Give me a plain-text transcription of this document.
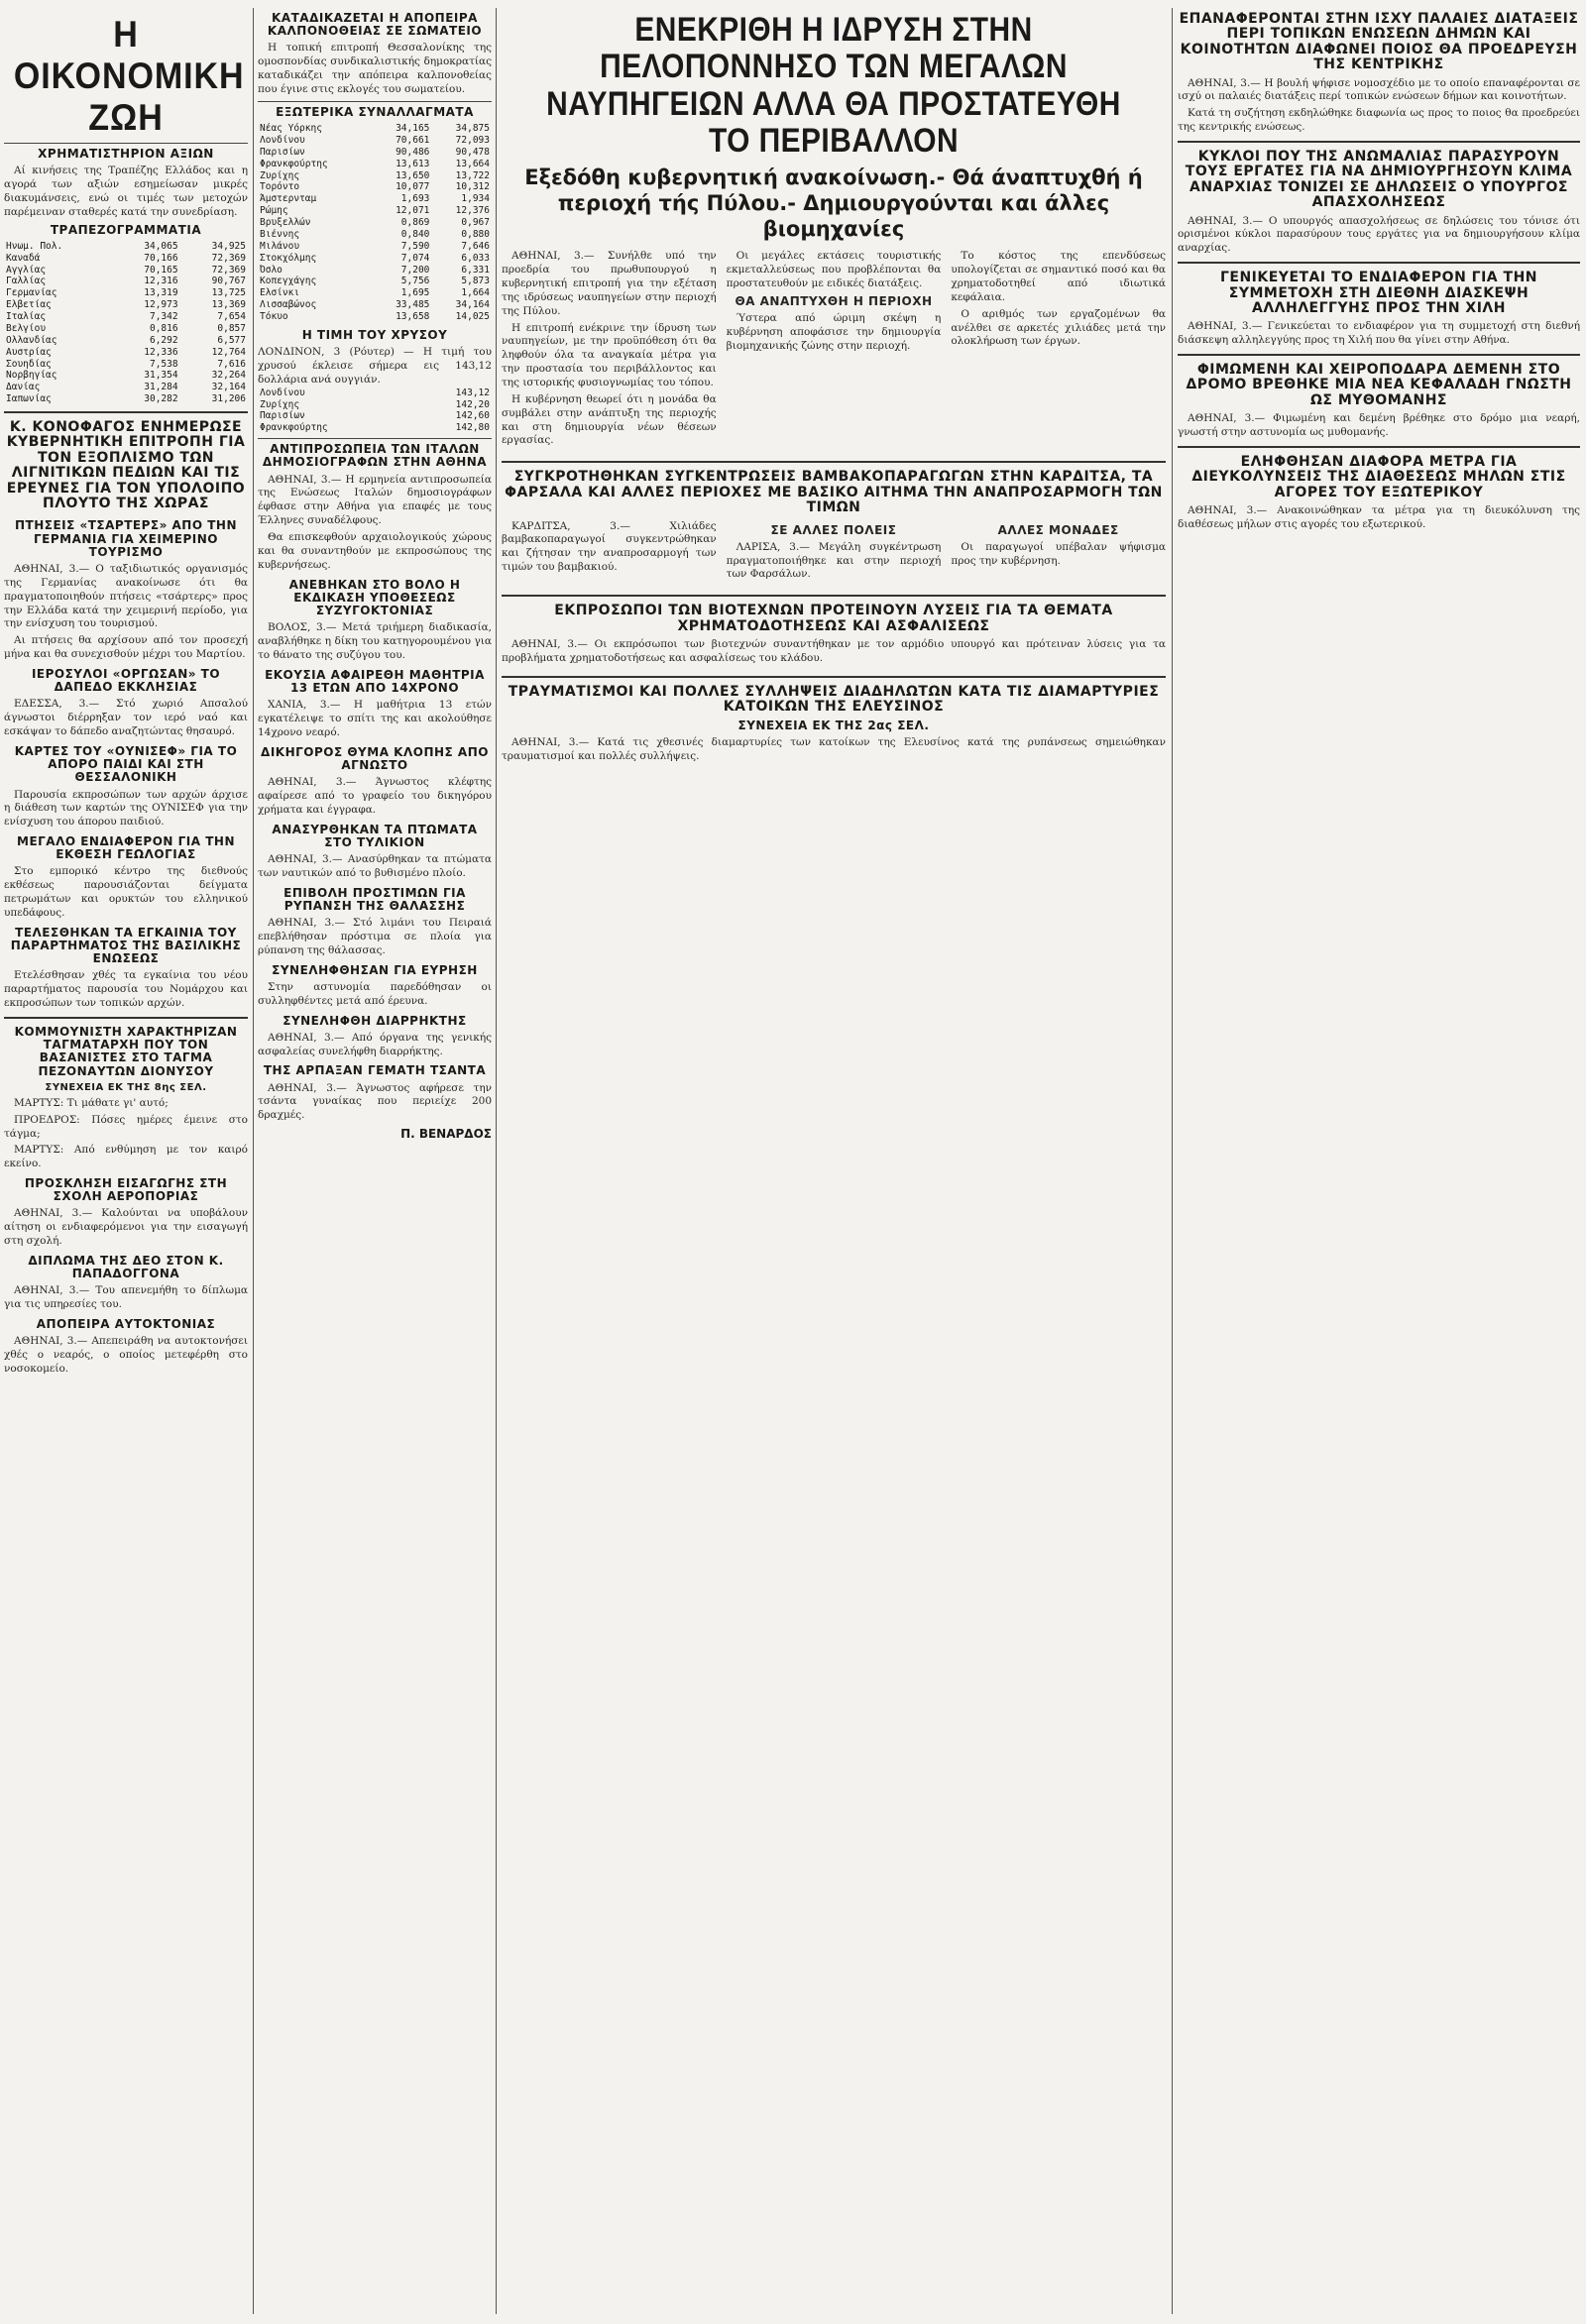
Η ΟΙΚΟΝΟΜΙΚΗ ΖΩΗ
ΧΡΗΜΑΤΙΣΤΗΡΙΟΝ ΑΞΙΩΝ

Αί κινήσεις της Τραπέζης Ελλάδος και η αγορά των αξιών εσημείωσαν μικρές διακυμάνσεις, ενώ οι τιμές των μετοχών παρέμειναν σταθερές κατά την συνεδρίαση.

ΤΡΑΠΕΖΟΓΡΑΜΜΑΤΙΑ
Ηνωμ. Πολ.	34,065	34,925
Καναδά	70,166	72,369
Αγγλίας	70,165	72,369
Γαλλίας	12,316	90,767
Γερμανίας	13,319	13,725
Ελβετίας	12,973	13,369
Ιταλίας	7,342	7,654
Βελγίου	0,816	0,857
Ολλανδίας	6,292	6,577
Αυστρίας	12,336	12,764
Σουηδίας	7,538	7,616
Νορβηγίας	31,354	32,264
Δανίας	31,284	32,164
Ιαπωνίας	30,282	31,206
Κ. ΚΟΝΟΦΑΓΟΣ ΕΝΗΜΕΡΩΣΕ ΚΥΒΕΡΝΗΤΙΚΗ ΕΠΙΤΡΟΠΗ ΓΙΑ ΤΟΝ ΕΞΟΠΛΙΣΜΟ ΤΩΝ ΛΙΓΝΙΤΙΚΩΝ ΠΕΔΙΩΝ ΚΑΙ ΤΙΣ ΕΡΕΥΝΕΣ ΓΙΑ ΤΟΝ ΥΠΟΛΟΙΠΟ ΠΛΟΥΤΟ ΤΗΣ ΧΩΡΑΣ
ΠΤΗΣΕΙΣ «ΤΣΑΡΤΕΡΣ» ΑΠΟ ΤΗΝ ΓΕΡΜΑΝΙΑ ΓΙΑ ΧΕΙΜΕΡΙΝΟ ΤΟΥΡΙΣΜΟ

ΑΘΗΝΑΙ, 3.— Ο ταξιδιωτικός οργανισμός της Γερμανίας ανακοίνωσε ότι θα πραγματοποιηθούν πτήσεις «τσάρτερς» προς την Ελλάδα κατά την χειμερινή περίοδο, για την ενίσχυση του τουρισμού.

Αι πτήσεις θα αρχίσουν από τον προσεχή μήνα και θα συνεχισθούν μέχρι του Μαρτίου.

ΙΕΡΟΣΥΛΟΙ «ΟΡΓΩΣΑΝ» ΤΟ ΔΑΠΕΔΟ ΕΚΚΛΗΣΙΑΣ

ΕΔΕΣΣΑ, 3.— Στό χωριό Απσαλού άγνωστοι διέρρηξαν τον ιερό ναό και εσκάψαν το δάπεδο αναζητώντας θησαυρό.

ΚΑΡΤΕΣ ΤΟΥ «ΟΥΝΙΣΕΦ» ΓΙΑ ΤΟ ΑΠΟΡΟ ΠΑΙΔΙ ΚΑΙ ΣΤΗ ΘΕΣΣΑΛΟΝΙΚΗ

Παρουσία εκπροσώπων των αρχών άρχισε η διάθεση των καρτών της ΟΥΝΙΣΕΦ για την ενίσχυση του άπορου παιδιού.

ΜΕΓΑΛΟ ΕΝΔΙΑΦΕΡΟΝ ΓΙΑ ΤΗΝ ΕΚΘΕΣΗ ΓΕΩΛΟΓΙΑΣ

Στο εμπορικό κέντρο της διεθνούς εκθέσεως παρουσιάζονται δείγματα πετρωμάτων και ορυκτών του ελληνικού υπεδάφους.

ΤΕΛΕΣΘΗΚΑΝ ΤΑ ΕΓΚΑΙΝΙΑ ΤΟΥ ΠΑΡΑΡΤΗΜΑΤΟΣ ΤΗΣ ΒΑΣΙΛΙΚΗΣ ΕΝΩΣΕΩΣ

Ετελέσθησαν χθές τα εγκαίνια του νέου παραρτήματος παρουσία του Νομάρχου και εκπροσώπων των τοπικών αρχών.

ΚΟΜΜΟΥΝΙΣΤΗ ΧΑΡΑΚΤΗΡΙΖΑΝ ΤΑΓΜΑΤΑΡΧΗ ΠΟΥ ΤΟΝ ΒΑΣΑΝΙΣΤΕΣ ΣΤΟ ΤΑΓΜΑ ΠΕΖΟΝΑΥΤΩΝ ΔΙΟΝΥΣΟΥ
ΣΥΝΕΧΕΙΑ ΕΚ ΤΗΣ 8ης ΣΕΛ.

ΜΑΡΤΥΣ: Τι μάθατε γι' αυτό;

ΠΡΟΕΔΡΟΣ: Πόσες ημέρες έμεινε στο τάγμα;

ΜΑΡΤΥΣ: Από ενθύμηση με τον καιρό εκείνο.

ΠΡΟΣΚΛΗΣΗ ΕΙΣΑΓΩΓΗΣ ΣΤΗ ΣΧΟΛΗ ΑΕΡΟΠΟΡΙΑΣ

ΑΘΗΝΑΙ, 3.— Καλούνται να υποβάλουν αίτηση οι ενδιαφερόμενοι για την εισαγωγή στη σχολή.

ΔΙΠΛΩΜΑ ΤΗΣ ΔΕΟ ΣΤΟΝ Κ. ΠΑΠΑΔΟΓΓΟΝΑ

ΑΘΗΝΑΙ, 3.— Του απενεμήθη το δίπλωμα για τις υπηρεσίες του.

ΑΠΟΠΕΙΡΑ ΑΥΤΟΚΤΟΝΙΑΣ

ΑΘΗΝΑΙ, 3.— Απεπειράθη να αυτοκτονήσει χθές ο νεαρός, ο οποίος μετεφέρθη στο νοσοκομείο.

ΚΑΤΑΔΙΚΑΖΕΤΑΙ Η ΑΠΟΠΕΙΡΑ ΚΑΛΠΟΝΟΘΕΙΑΣ ΣΕ ΣΩΜΑΤΕΙΟ

Η τοπική επιτροπή Θεσσαλονίκης της ομοσπονδίας συνδικαλιστικής δημοκρατίας καταδικάζει την απόπειρα καλπονοθείας που έγινε στις εκλογές του σωματείου.

ΕΞΩΤΕΡΙΚΑ ΣΥΝΑΛΛΑΓΜΑΤΑ
Νέας Υόρκης	34,165	34,875
Λονδίνου	70,661	72,093
Παρισίων	90,486	90,478
Φρανκφούρτης	13,613	13,664
Ζυρίχης	13,650	13,722
Τορόντο	10,077	10,312
Άμστερνταμ	1,693	1,934
Ρώμης	12,071	12,376
Βρυξελλών	0,869	0,967
Βιέννης	0,840	0,880
Μιλάνου	7,590	7,646
Στοκχόλμης	7,074	6,033
Όσλο	7,200	6,331
Κοπεγχάγης	5,756	5,873
Ελσίνκι	1,695	1,664
Λισσαβώνος	33,485	34,164
Τόκυο	13,658	14,025
Η ΤΙΜΗ ΤΟΥ ΧΡΥΣΟΥ
ΛΟΝΔΙΝΟΝ, 3 (Ρόυτερ) — Η τιμή του χρυσού έκλεισε σήμερα εις 143,12 δολλάρια ανά ουγγιάν.
Λονδίνου	143,12
Ζυρίχης	142,20
Παρισίων	142,60
Φρανκφούρτης	142,80
ΑΝΤΙΠΡΟΣΩΠΕΙΑ ΤΩΝ ΙΤΑΛΩΝ ΔΗΜΟΣΙΟΓΡΑΦΩΝ ΣΤΗΝ ΑΘΗΝΑ

ΑΘΗΝΑΙ, 3.— Η ερμηνεία αντιπροσωπεία της Ενώσεως Ιταλών δημοσιογράφων έφθασε στην Αθήνα για επαφές με τους Έλληνες συναδέλφους.

Θα επισκεφθούν αρχαιολογικούς χώρους και θα συναντηθούν με εκπροσώπους της κυβερνήσεως.

ΑΝΕΒΗΚΑΝ ΣΤΟ ΒΟΛΟ Η ΕΚΔΙΚΑΣΗ ΥΠΟΘΕΣΕΩΣ ΣΥΖΥΓΟΚΤΟΝΙΑΣ

ΒΟΛΟΣ, 3.— Μετά τριήμερη διαδικασία, αναβλήθηκε η δίκη του κατηγορουμένου για το θάνατο της συζύγου του.

ΕΚΟΥΣΙΑ ΑΦΑΙΡΕΘΗ ΜΑΘΗΤΡΙΑ 13 ΕΤΩΝ ΑΠΟ 14ΧΡΟΝΟ

ΧΑΝΙΑ, 3.— Η μαθήτρια 13 ετών εγκατέλειψε το σπίτι της και ακολούθησε 14χρονο νεαρό.

ΔΙΚΗΓΟΡΟΣ ΘΥΜΑ ΚΛΟΠΗΣ ΑΠΟ ΑΓΝΩΣΤΟ

ΑΘΗΝΑΙ, 3.— Άγνωστος κλέφτης αφαίρεσε από το γραφείο του δικηγόρου χρήματα και έγγραφα.

ΑΝΑΣΥΡΘΗΚΑΝ ΤΑ ΠΤΩΜΑΤΑ ΣΤΟ ΤΥΛΙΚΙΟΝ

ΑΘΗΝΑΙ, 3.— Ανασύρθηκαν τα πτώματα των ναυτικών από το βυθισμένο πλοίο.

ΕΠΙΒΟΛΗ ΠΡΟΣΤΙΜΩΝ ΓΙΑ ΡΥΠΑΝΣΗ ΤΗΣ ΘΑΛΑΣΣΗΣ

ΑΘΗΝΑΙ, 3.— Στό λιμάνι του Πειραιά επεβλήθησαν πρόστιμα σε πλοία για ρύπανση της θάλασσας.

ΣΥΝΕΛΗΦΘΗΣΑΝ ΓΙΑ ΕΥΡΗΣΗ

Στην αστυνομία παρεδόθησαν οι συλληφθέντες μετά από έρευνα.

ΣΥΝΕΛΗΦΘΗ ΔΙΑΡΡΗΚΤΗΣ

ΑΘΗΝΑΙ, 3.— Από όργανα της γενικής ασφαλείας συνελήφθη διαρρήκτης.

ΤΗΣ ΑΡΠΑΞΑΝ ΓΕΜΑΤΗ ΤΣΑΝΤΑ

ΑΘΗΝΑΙ, 3.— Άγνωστος αφήρεσε την τσάντα γυναίκας που περιείχε 200 δραχμές.

Π. ΒΕΝΑΡΔΟΣ
ΕΝΕΚΡΙΘΗ Η ΙΔΡΥΣΗ ΣΤΗΝ ΠΕΛΟΠΟΝΝΗΣΟ ΤΩΝ ΜΕΓΑΛΩΝ ΝΑΥΠΗΓΕΙΩΝ ΑΛΛΑ ΘΑ ΠΡΟΣΤΑΤΕΥΘΗ ΤΟ ΠΕΡΙΒΑΛΛΟΝ
Εξεδόθη κυβερνητική ανακοίνωση.- Θά άναπτυχθή ή περιοχή τής Πύλου.- Δημιουργούνται και άλλες βιομηχανίες

ΑΘΗΝΑΙ, 3.— Συνήλθε υπό την προεδρία του πρωθυπουργού η κυβερνητική επιτροπή για την εξέταση της ιδρύσεως ναυπηγείων στην περιοχή της Πύλου.

Η επιτροπή ενέκρινε την ίδρυση των ναυπηγείων, με την προϋπόθεση ότι θα ληφθούν όλα τα αναγκαία μέτρα για την προστασία του περιβάλλοντος και της ιστορικής φυσιογνωμίας του τόπου.

Η κυβέρνηση θεωρεί ότι η μονάδα θα συμβάλει στην ανάπτυξη της περιοχής και στη δημιουργία νέων θέσεων εργασίας.

Οι μεγάλες εκτάσεις τουριστικής εκμεταλλεύσεως που προβλέπονται θα προστατευθούν με ειδικές διατάξεις.

ΘΑ ΑΝΑΠΤΥΧΘΗ Η ΠΕΡΙΟΧΗ

Ύστερα από ώριμη σκέψη η κυβέρνηση αποφάσισε την δημιουργία βιομηχανικής ζώνης στην περιοχή.

Το κόστος της επενδύσεως υπολογίζεται σε σημαντικό ποσό και θα χρηματοδοτηθεί από ιδιωτικά κεφάλαια.

Ο αριθμός των εργαζομένων θα ανέλθει σε αρκετές χιλιάδες μετά την ολοκλήρωση των έργων.

ΣΥΓΚΡΟΤΗΘΗΚΑΝ ΣΥΓΚΕΝΤΡΩΣΕΙΣ ΒΑΜΒΑΚΟΠΑΡΑΓΩΓΩΝ ΣΤΗΝ ΚΑΡΔΙΤΣΑ, ΤΑ ΦΑΡΣΑΛΑ ΚΑΙ ΑΛΛΕΣ ΠΕΡΙΟΧΕΣ ΜΕ ΒΑΣΙΚΟ ΑΙΤΗΜΑ ΤΗΝ ΑΝΑΠΡΟΣΑΡΜΟΓΗ ΤΩΝ ΤΙΜΩΝ

ΚΑΡΔΙΤΣΑ, 3.— Χιλιάδες βαμβακοπαραγωγοί συγκεντρώθηκαν και ζήτησαν την αναπροσαρμογή των τιμών του βαμβακιού.

ΣΕ ΑΛΛΕΣ ΠΟΛΕΙΣ

ΛΑΡΙΣΑ, 3.— Μεγάλη συγκέντρωση πραγματοποιήθηκε και στην περιοχή των Φαρσάλων.

ΑΛΛΕΣ ΜΟΝΑΔΕΣ

Οι παραγωγοί υπέβαλαν ψήφισμα προς την κυβέρνηση.

ΕΚΠΡΟΣΩΠΟΙ ΤΩΝ ΒΙΟΤΕΧΝΩΝ ΠΡΟΤΕΙΝΟΥΝ ΛΥΣΕΙΣ ΓΙΑ ΤΑ ΘΕΜΑΤΑ ΧΡΗΜΑΤΟΔΟΤΗΣΕΩΣ ΚΑΙ ΑΣΦΑΛΙΣΕΩΣ

ΑΘΗΝΑΙ, 3.— Οι εκπρόσωποι των βιοτεχνών συναντήθηκαν με τον αρμόδιο υπουργό και πρότειναν λύσεις για τα προβλήματα χρηματοδοτήσεως και ασφαλίσεως του κλάδου.

ΤΡΑΥΜΑΤΙΣΜΟΙ ΚΑΙ ΠΟΛΛΕΣ ΣΥΛΛΗΨΕΙΣ ΔΙΑΔΗΛΩΤΩΝ ΚΑΤΑ ΤΙΣ ΔΙΑΜΑΡΤΥΡΙΕΣ ΚΑΤΟΙΚΩΝ ΤΗΣ ΕΛΕΥΣΙΝΟΣ
ΣΥΝΕΧΕΙΑ ΕΚ ΤΗΣ 2ας ΣΕΛ.

ΑΘΗΝΑΙ, 3.— Κατά τις χθεσινές διαμαρτυρίες των κατοίκων της Ελευσίνος κατά της ρυπάνσεως σημειώθηκαν τραυματισμοί και πολλές συλλήψεις.

ΕΠΑΝΑΦΕΡΟΝΤΑΙ ΣΤΗΝ ΙΣΧΥ ΠΑΛΑΙΕΣ ΔΙΑΤΑΞΕΙΣ ΠΕΡΙ ΤΟΠΙΚΩΝ ΕΝΩΣΕΩΝ ΔΗΜΩΝ ΚΑΙ ΚΟΙΝΟΤΗΤΩΝ ΔΙΑΦΩΝΕΙ ΠΟΙΟΣ ΘΑ ΠΡΟΕΔΡΕΥΣΗ ΤΗΣ ΚΕΝΤΡΙΚΗΣ

ΑΘΗΝΑΙ, 3.— Η βουλή ψήφισε νομοσχέδιο με το οποίο επαναφέρονται σε ισχύ οι παλαιές διατάξεις περί τοπικών ενώσεων δήμων και κοινοτήτων.

Κατά τη συζήτηση εκδηλώθηκε διαφωνία ως προς το ποιος θα προεδρεύει της κεντρικής ενώσεως.

ΚΥΚΛΟΙ ΠΟΥ ΤΗΣ ΑΝΩΜΑΛΙΑΣ ΠΑΡΑΣΥΡΟΥΝ ΤΟΥΣ ΕΡΓΑΤΕΣ ΓΙΑ ΝΑ ΔΗΜΙΟΥΡΓΗΣΟΥΝ ΚΛΙΜΑ ΑΝΑΡΧΙΑΣ ΤΟΝΙΖΕΙ ΣΕ ΔΗΛΩΣΕΙΣ Ο ΥΠΟΥΡΓΟΣ ΑΠΑΣΧΟΛΗΣΕΩΣ

ΑΘΗΝΑΙ, 3.— Ο υπουργός απασχολήσεως σε δηλώσεις του τόνισε ότι ορισμένοι κύκλοι παρασύρουν τους εργάτες για να δημιουργήσουν κλίμα αναρχίας.

ΓΕΝΙΚΕΥΕΤΑΙ ΤΟ ΕΝΔΙΑΦΕΡΟΝ ΓΙΑ ΤΗΝ ΣΥΜΜΕΤΟΧΗ ΣΤΗ ΔΙΕΘΝΗ ΔΙΑΣΚΕΨΗ ΑΛΛΗΛΕΓΓΥΗΣ ΠΡΟΣ ΤΗΝ ΧΙΛΗ

ΑΘΗΝΑΙ, 3.— Γενικεύεται το ενδιαφέρον για τη συμμετοχή στη διεθνή διάσκεψη αλληλεγγύης προς τη Χιλή που θα γίνει στην Αθήνα.

ΦΙΜΩΜΕΝΗ ΚΑΙ ΧΕΙΡΟΠΟΔΑΡΑ ΔΕΜΕΝΗ ΣΤΟ ΔΡΟΜΟ ΒΡΕΘΗΚΕ ΜΙΑ ΝΕΑ ΚΕΦΑΛΑΔΗ ΓΝΩΣΤΗ ΩΣ ΜΥΘΟΜΑΝΗΣ

ΑΘΗΝΑΙ, 3.— Φιμωμένη και δεμένη βρέθηκε στο δρόμο μια νεαρή, γνωστή στην αστυνομία ως μυθομανής.

ΕΛΗΦΘΗΣΑΝ ΔΙΑΦΟΡΑ ΜΕΤΡΑ ΓΙΑ ΔΙΕΥΚΟΛΥΝΣΕΙΣ ΤΗΣ ΔΙΑΘΕΣΕΩΣ ΜΗΛΩΝ ΣΤΙΣ ΑΓΟΡΕΣ ΤΟΥ ΕΞΩΤΕΡΙΚΟΥ

ΑΘΗΝΑΙ, 3.— Ανακοινώθηκαν τα μέτρα για τη διευκόλυνση της διαθέσεως μήλων στις αγορές του εξωτερικού.
